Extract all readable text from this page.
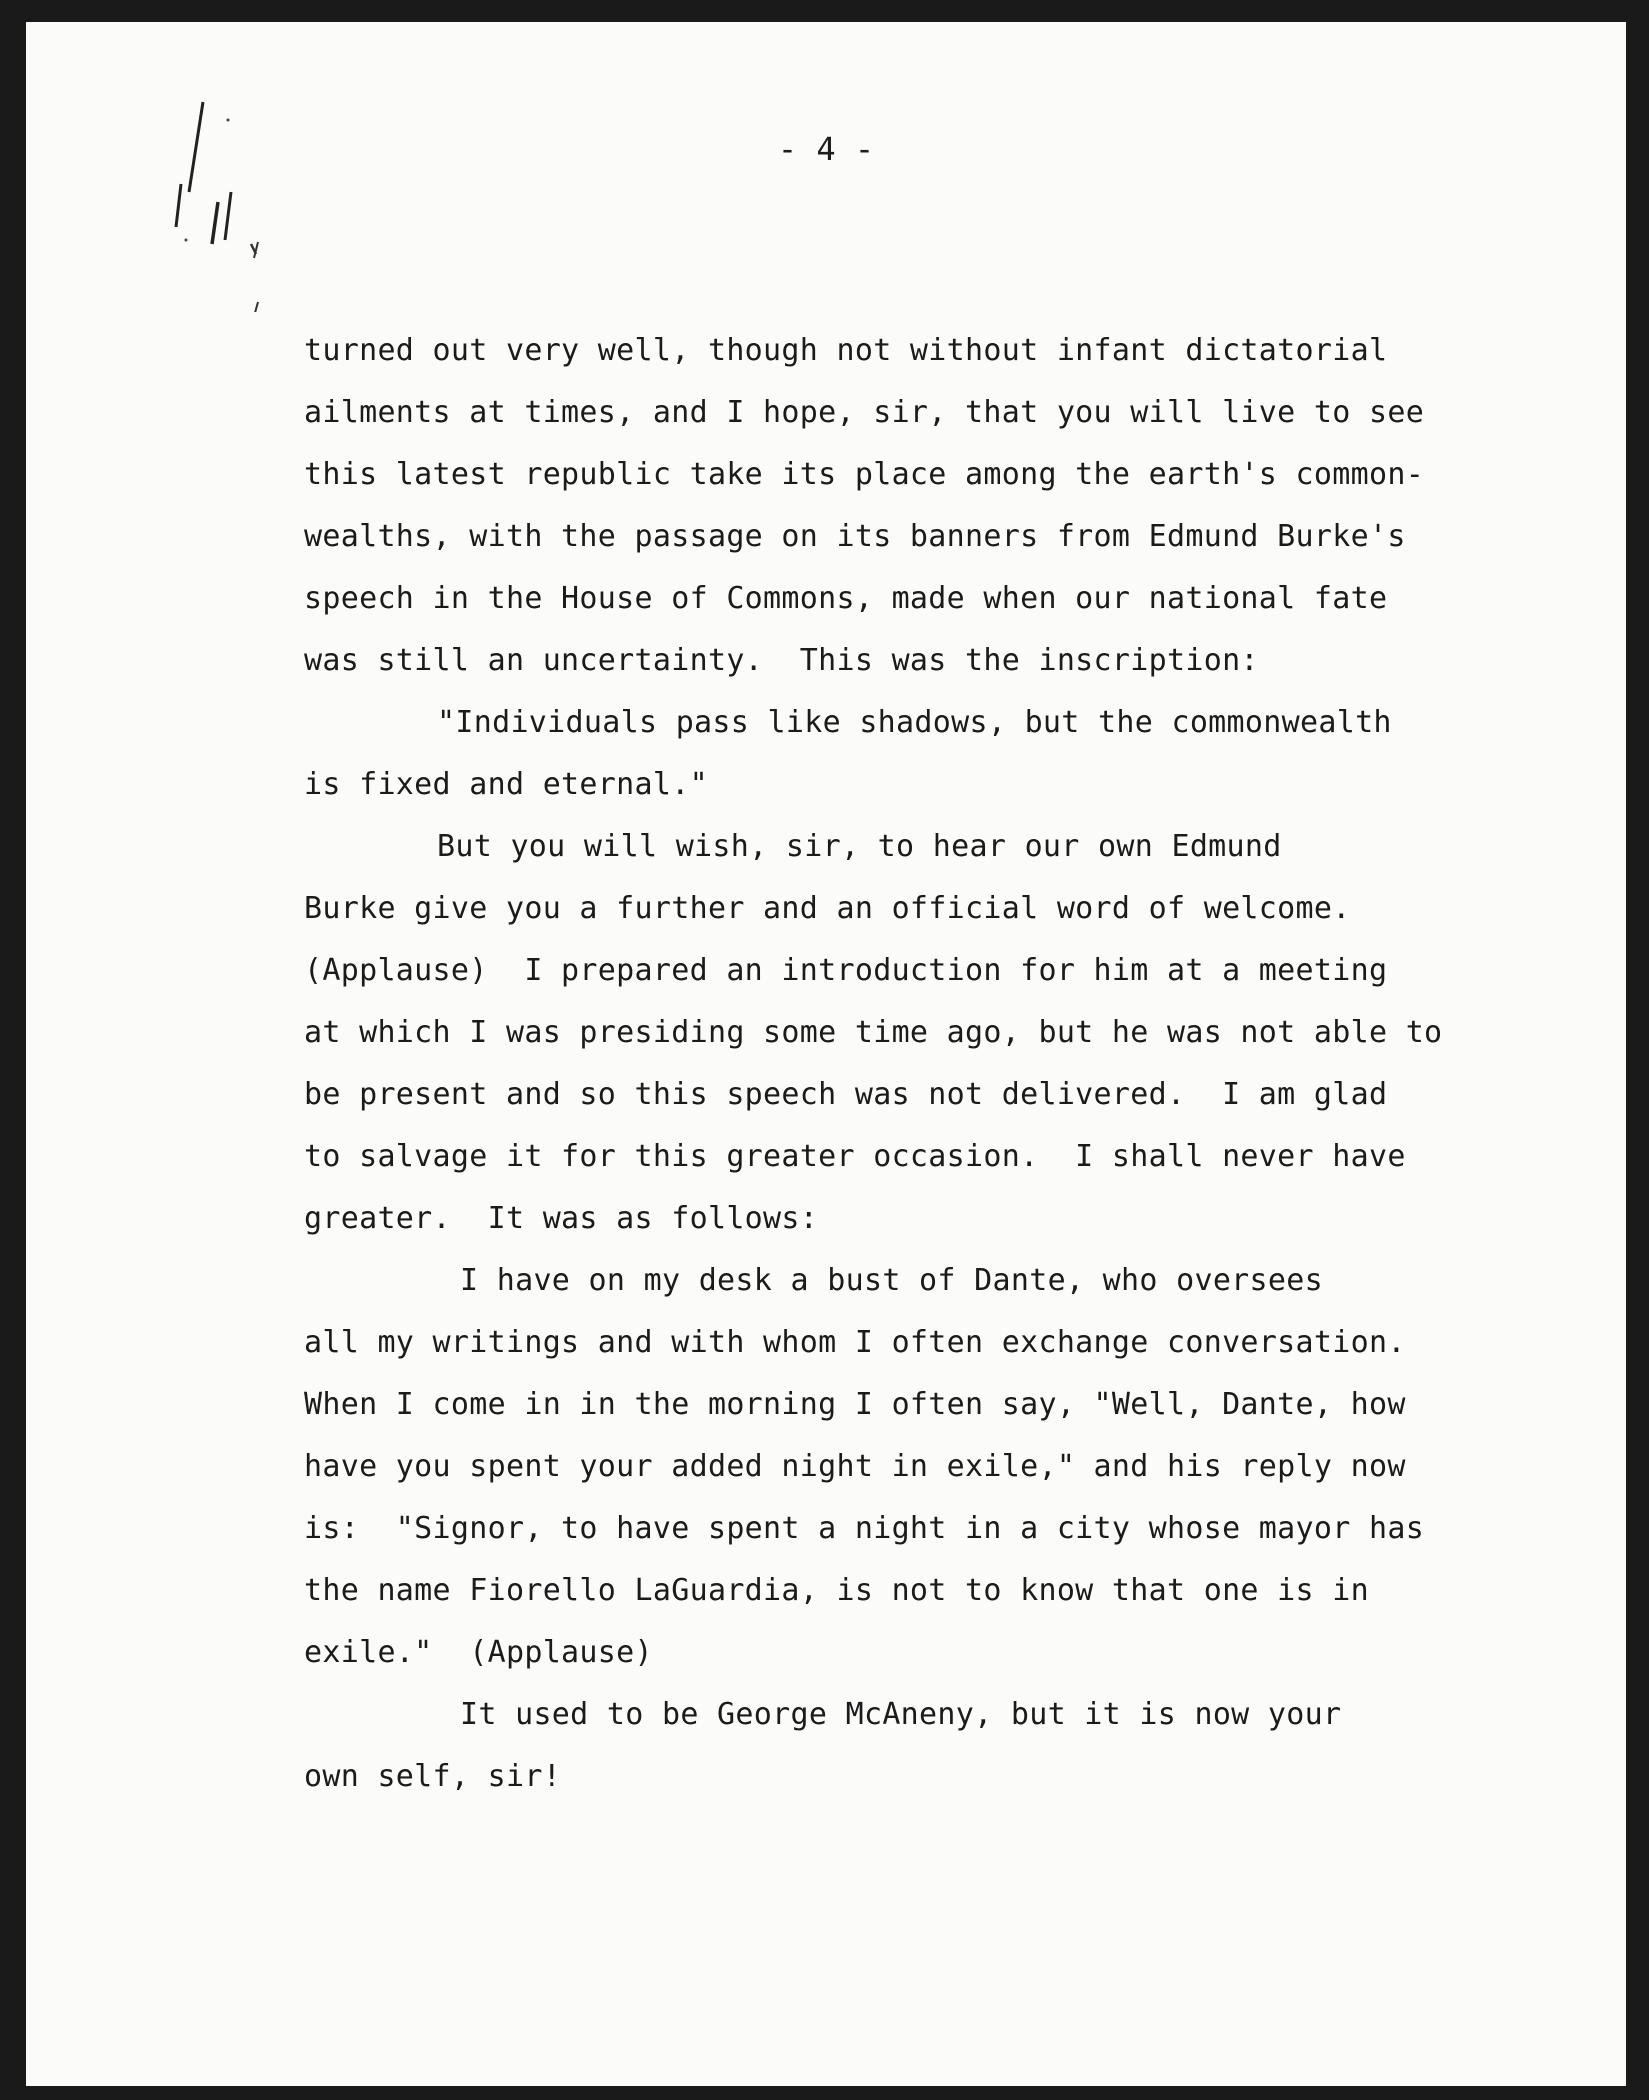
- 4 -
turned out very well, though not without infant dictatorial
ailments at times, and I hope, sir, that you will live to see
this latest republic take its place among the earth's common-
wealths, with the passage on its banners from Edmund Burke's
speech in the House of Commons, made when our national fate
was still an uncertainty.  This was the inscription:
"Individuals pass like shadows, but the commonwealth
is fixed and eternal."
But you will wish, sir, to hear our own Edmund
Burke give you a further and an official word of welcome.
(Applause)  I prepared an introduction for him at a meeting
at which I was presiding some time ago, but he was not able to
be present and so this speech was not delivered.  I am glad
to salvage it for this greater occasion.  I shall never have
greater.  It was as follows:
I have on my desk a bust of Dante, who oversees
all my writings and with whom I often exchange conversation.
When I come in in the morning I often say, "Well, Dante, how
have you spent your added night in exile," and his reply now
is:  "Signor, to have spent a night in a city whose mayor has
the name Fiorello LaGuardia, is not to know that one is in
exile."  (Applause)
It used to be George McAneny, but it is now your
own self, sir!
